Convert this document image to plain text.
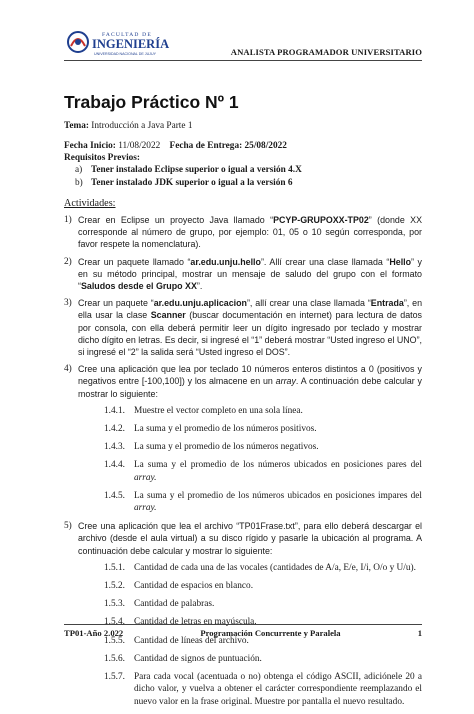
FACULTAD DE
INGENIERÍA
UNIVERSIDAD NACIONAL DE JUJUY	ANALISTA PROGRAMADOR UNIVERSITARIO
Trabajo Práctico Nº 1

Tema: Introducción a Java Parte 1

Fecha Inicio: 11/08/2022 Fecha de Entrega: 25/08/2022

Requisitos Previos:

a) Tener instalado Eclipse superior o igual a versión 4.X
b) Tener instalado JDK superior o igual a la versión 6
Actividades:
1) Crear en Eclipse un proyecto Java llamado “PCYP-GRUPOXX-TP02” (donde XX corresponde al número de grupo, por ejemplo: 01, 05 o 10 según corresponda, por favor respete la nomenclatura).
2) Crear un paquete llamado “ar.edu.unju.hello”. Allí crear una clase llamada “Hello” y en su método principal, mostrar un mensaje de saludo del grupo con el formato “Saludos desde el Grupo XX”.
3) Crear un paquete “ar.edu.unju.aplicacion”, allí crear una clase llamada “Entrada”, en ella usar la clase Scanner (buscar documentación en internet) para lectura de datos por consola, con ella deberá permitir leer un dígito ingresado por teclado y mostrar dicho dígito en letras. Es decir, si ingresé el “1” deberá mostrar “Usted ingreso el UNO”, si ingresé el “2” la salida será “Usted ingreso el DOS”.
4) Cree una aplicación que lea por teclado 10 números enteros distintos a 0 (positivos y negativos entre [-100,100]) y los almacene en un array. A continuación debe calcular y mostrar lo siguiente:
1.4.1. Muestre el vector completo en una sola línea.
1.4.2. La suma y el promedio de los números positivos.
1.4.3. La suma y el promedio de los números negativos.
1.4.4. La suma y el promedio de los números ubicados en posiciones pares del array.
1.4.5. La suma y el promedio de los números ubicados en posiciones impares del array.
5) Cree una aplicación que lea el archivo “TP01Frase.txt”, para ello deberá descargar el archivo (desde el aula virtual) a su disco rígido y pasarle la ubicación al programa. A continuación debe calcular y mostrar lo siguiente:
1.5.1. Cantidad de cada una de las vocales (cantidades de A/a, E/e, I/i, O/o y U/u).
1.5.2. Cantidad de espacios en blanco.
1.5.3. Cantidad de palabras.
1.5.4. Cantidad de letras en mayúscula.
1.5.5. Cantidad de líneas del archivo.
1.5.6. Cantidad de signos de puntuación.
1.5.7. Para cada vocal (acentuada o no) obtenga el código ASCII, adiciónele 20 a dicho valor, y vuelva a obtener el carácter correspondiente reemplazando el nuevo valor en la frase original. Muestre por pantalla el nuevo resultado.
TP01-Año 2.022	Programación Concurrente y Paralela	1
